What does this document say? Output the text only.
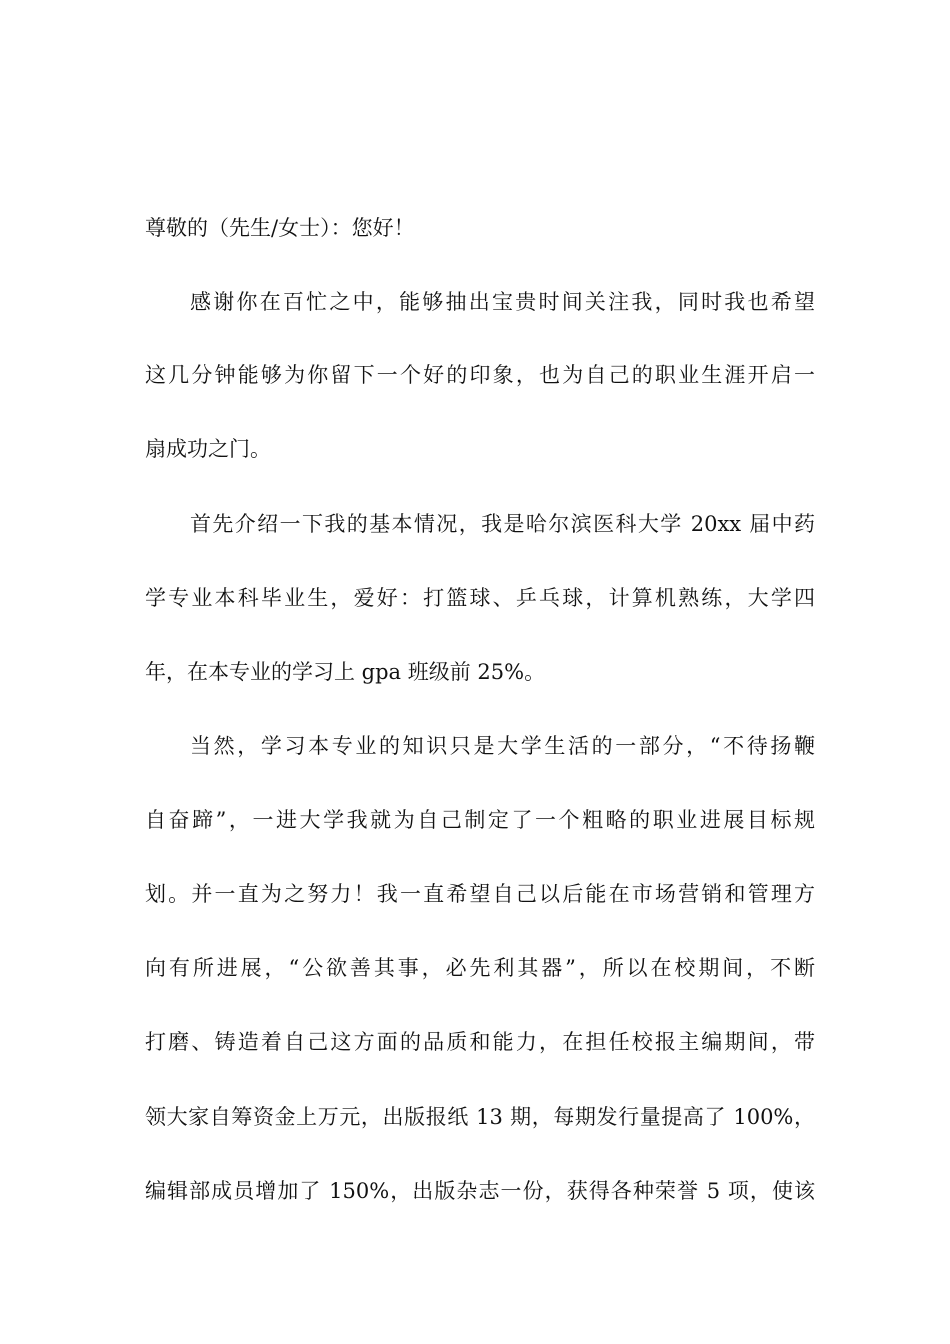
尊敬的（先生/女士）：您好！
感谢你在百忙之中，能够抽出宝贵时间关注我，同时我也希望
这几分钟能够为你留下一个好的印象，也为自己的职业生涯开启一
扇成功之门。
首先介绍一下我的基本情况，我是哈尔滨医科大学 20xx 届中药
学专业本科毕业生，爱好：打篮球、乒乓球，计算机熟练，大学四
年，在本专业的学习上 gpa 班级前 25%。
当然，学习本专业的知识只是大学生活的一部分，“不待扬鞭
自奋蹄”，一进大学我就为自己制定了一个粗略的职业进展目标规
划。并一直为之努力！我一直希望自己以后能在市场营销和管理方
向有所进展，“公欲善其事，必先利其器”，所以在校期间，不断
打磨、铸造着自己这方面的品质和能力，在担任校报主编期间，带
领大家自筹资金上万元，出版报纸 13 期，每期发行量提高了 100%，
编辑部成员增加了 150%，出版杂志一份，获得各种荣誉 5 项，使该
